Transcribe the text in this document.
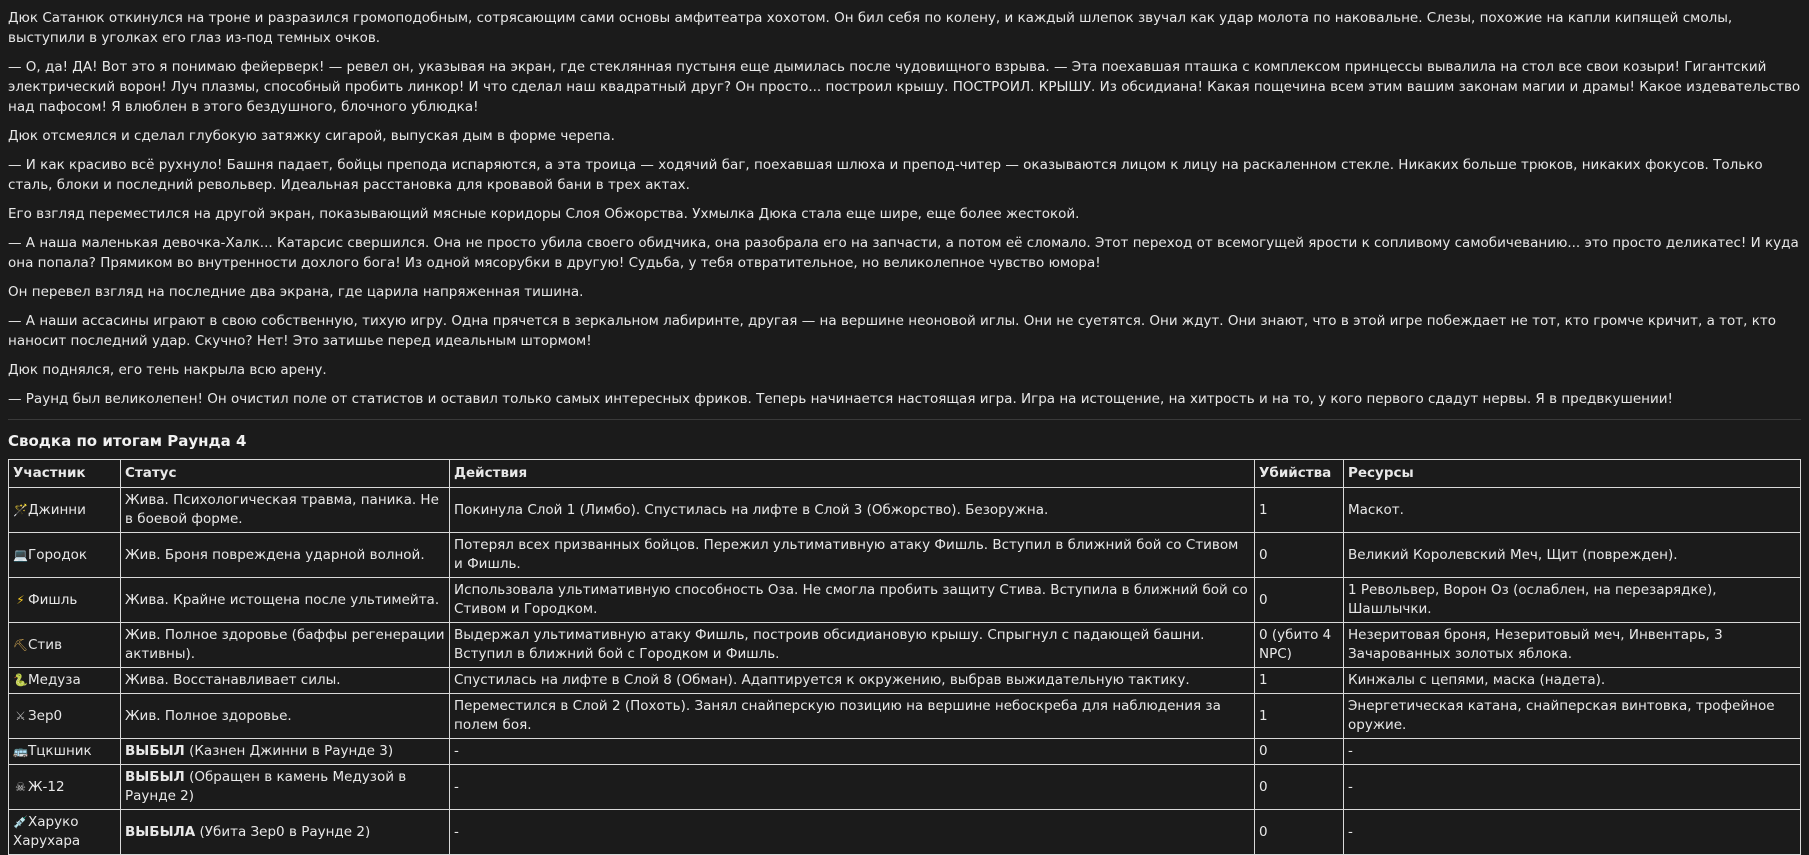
Дюк Сатанюк откинулся на троне и разразился громоподобным, сотрясающим сами основы амфитеатра хохотом. Он бил себя по колену, и каждый шлепок звучал как удар молота по наковальне. Слезы, похожие на капли кипящей смолы, выступили в уголках его глаз из-под темных очков.

— О, да! ДА! Вот это я понимаю фейерверк! — ревел он, указывая на экран, где стеклянная пустыня еще дымилась после чудовищного взрыва. — Эта поехавшая пташка с комплексом принцессы вывалила на стол все свои козыри! Гигантский электрический ворон! Луч плазмы, способный пробить линкор! И что сделал наш квадратный друг? Он просто... построил крышу. ПОСТРОИЛ. КРЫШУ. Из обсидиана! Какая пощечина всем этим вашим законам магии и драмы! Какое издевательство над пафосом! Я влюблен в этого бездушного, блочного ублюдка!

Дюк отсмеялся и сделал глубокую затяжку сигарой, выпуская дым в форме черепа.

— И как красиво всё рухнуло! Башня падает, бойцы препода испаряются, а эта троица — ходячий баг, поехавшая шлюха и препод-читер — оказываются лицом к лицу на раскаленном стекле. Никаких больше трюков, никаких фокусов. Только сталь, блоки и последний револьвер. Идеальная расстановка для кровавой бани в трех актах.

Его взгляд переместился на другой экран, показывающий мясные коридоры Слоя Обжорства. Ухмылка Дюка стала еще шире, еще более жестокой.

— А наша маленькая девочка-Халк... Катарсис свершился. Она не просто убила своего обидчика, она разобрала его на запчасти, а потом её сломало. Этот переход от всемогущей ярости к сопливому самобичеванию... это просто деликатес! И куда она попала? Прямиком во внутренности дохлого бога! Из одной мясорубки в другую! Судьба, у тебя отвратительное, но великолепное чувство юмора!

Он перевел взгляд на последние два экрана, где царила напряженная тишина.

— А наши ассасины играют в свою собственную, тихую игру. Одна прячется в зеркальном лабиринте, другая — на вершине неоновой иглы. Они не суетятся. Они ждут. Они знают, что в этой игре побеждает не тот, кто громче кричит, а тот, кто наносит последний удар. Скучно? Нет! Это затишье перед идеальным штормом!

Дюк поднялся, его тень накрыла всю арену.

— Раунд был великолепен! Он очистил поле от статистов и оставил только самых интересных фриков. Теперь начинается настоящая игра. Игра на истощение, на хитрость и на то, у кого первого сдадут нервы. Я в предвкушении!

Сводка по итогам Раунда 4
Участник	Статус	Действия	Убийства	Ресурсы
🪄Джинни	Жива. Психологическая травма, паника. Не в боевой форме.	Покинула Слой 1 (Лимбо). Спустилась на лифте в Слой 3 (Обжорство). Безоружна.	1	Маскот.
💻Городок	Жив. Броня повреждена ударной волной.	Потерял всех призванных бойцов. Пережил ультимативную атаку Фишль. Вступил в ближний бой со Стивом и Фишль.	0	Великий Королевский Меч, Щит (поврежден).
⚡ Фишль	Жива. Крайне истощена после ультимейта.	Использовала ультимативную способность Оза. Не смогла пробить защиту Стива. Вступила в ближний бой со Стивом и Городком.	0	1 Револьвер, Ворон Оз (ослаблен, на перезарядке), Шашлычки.
⛏Стив	Жив. Полное здоровье (баффы регенерации активны).	Выдержал ультимативную атаку Фишль, построив обсидиановую крышу. Спрыгнул с падающей башни. Вступил в ближний бой с Городком и Фишль.	0 (убито 4 NPC)	Незеритовая броня, Незеритовый меч, Инвентарь, 3 Зачарованных золотых яблока.
🐍Медуза	Жива. Восстанавливает силы.	Спустилась на лифте в Слой 8 (Обман). Адаптируется к окружению, выбрав выжидательную тактику.	1	Кинжалы с цепями, маска (надета).
⚔ Зер0	Жив. Полное здоровье.	Переместился в Слой 2 (Похоть). Занял снайперскую позицию на вершине небоскреба для наблюдения за полем боя.	1	Энергетическая катана, снайперская винтовка, трофейное оружие.
🚌Тцкшник	ВЫБЫЛ (Казнен Джинни в Раунде 3)	-	0	-
☠ Ж-12	ВЫБЫЛ (Обращен в камень Медузой в Раунде 2)	-	0	-
💉Харуко Харухара	ВЫБЫЛА (Убита Зер0 в Раунде 2)	-	0	-
